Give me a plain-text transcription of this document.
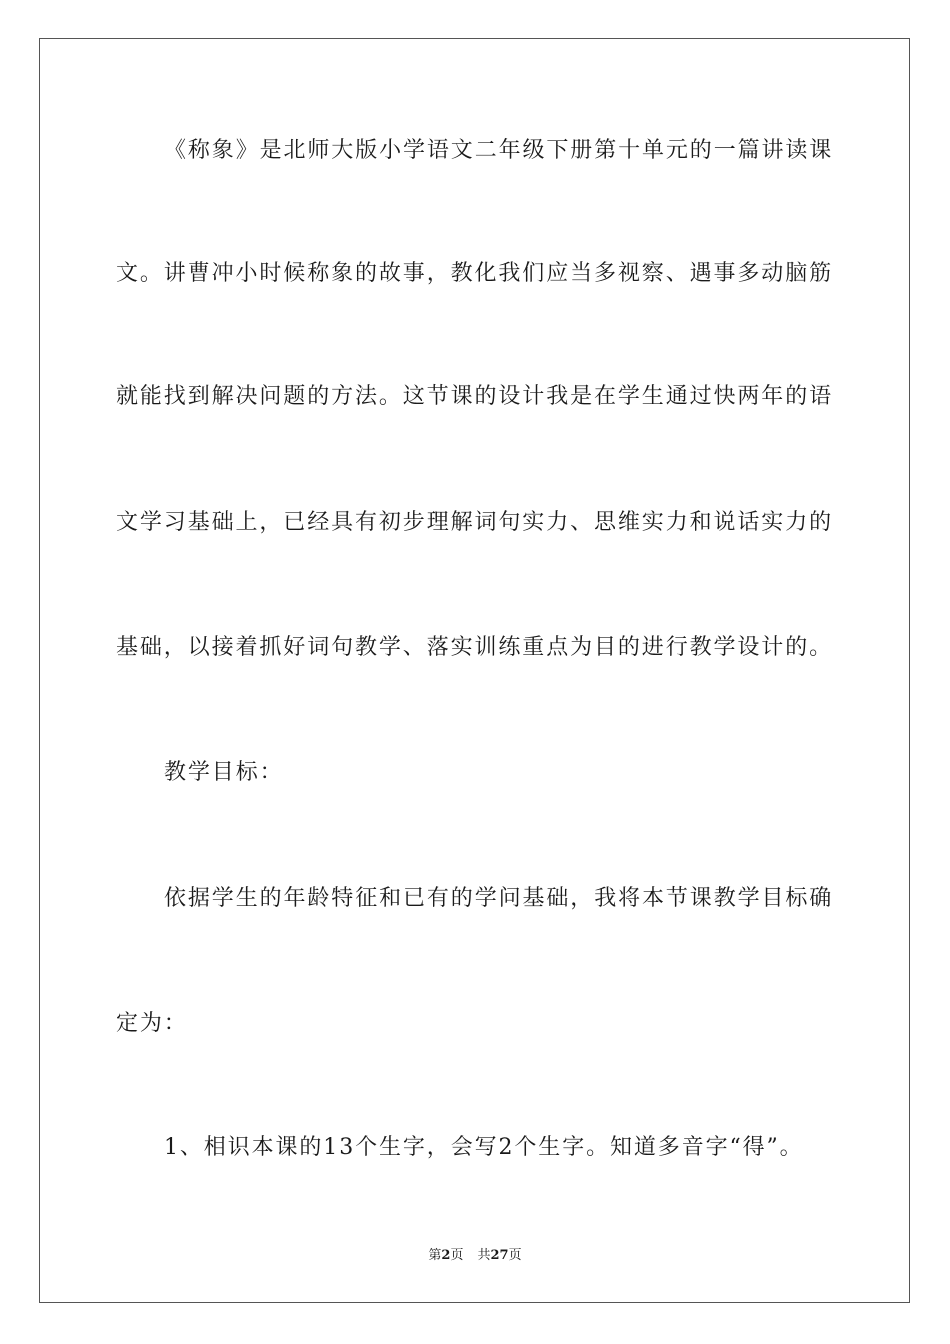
《称象》是北师大版小学语文二年级下册第十单元的一篇讲读课
文。讲曹冲小时候称象的故事，教化我们应当多视察、遇事多动脑筋
就能找到解决问题的方法。这节课的设计我是在学生通过快两年的语
文学习基础上，已经具有初步理解词句实力、思维实力和说话实力的
基础，以接着抓好词句教学、落实训练重点为目的进行教学设计的。
教学目标：
依据学生的年龄特征和已有的学问基础，我将本节课教学目标确
定为：
1、相识本课的13个生字，会写2个生字。知道多音字“得”。
第2页 共27页
